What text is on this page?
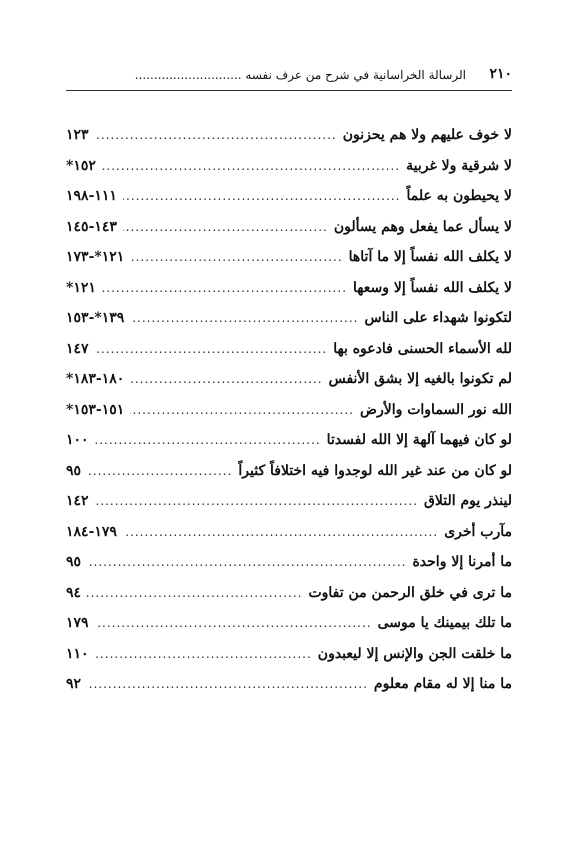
٢١٠
الرسالة الخراسانية في شرح من عرف نفسه ............................
لا خوف عليهم ولا هم يحزنون
.....
١٢٣
لا شرقية ولا غربية
.....
١٥٢*
لا يحيطون به علماً
.....
١١١-١٩٨
لا يسأل عما يفعل وهم يسألون
.....
١٤٣-١٤٥
لا يكلف الله نفساً إلا ما آتاها
.....
١٢١*-١٧٣
لا يكلف الله نفساً إلا وسعها
.....
١٢١*
لتكونوا شهداء على الناس
.....
١٣٩*-١٥٣
لله الأسماء الحسنى فادعوه بها
.....
١٤٧
لم تكونوا بالغيه إلا بشق الأنفس
.....
١٨٠-١٨٣*
الله نور السماوات والأرض
.....
١٥١-١٥٣*
لو كان فيهما آلهة إلا الله لفسدتا
.....
١٠٠
لو كان من عند غير الله لوجدوا فيه اختلافاً كثيراً
.....
٩٥
لينذر يوم التلاق
.....
١٤٢
مآرب أخرى
.....
١٧٩-١٨٤
ما أمرنا إلا واحدة
.....
٩٥
ما ترى في خلق الرحمن من تفاوت
.....
٩٤
ما تلك بيمينك يا موسى
.....
١٧٩
ما خلقت الجن والإنس إلا ليعبدون
.....
١١٠
ما منا إلا له مقام معلوم
.....
٩٢
